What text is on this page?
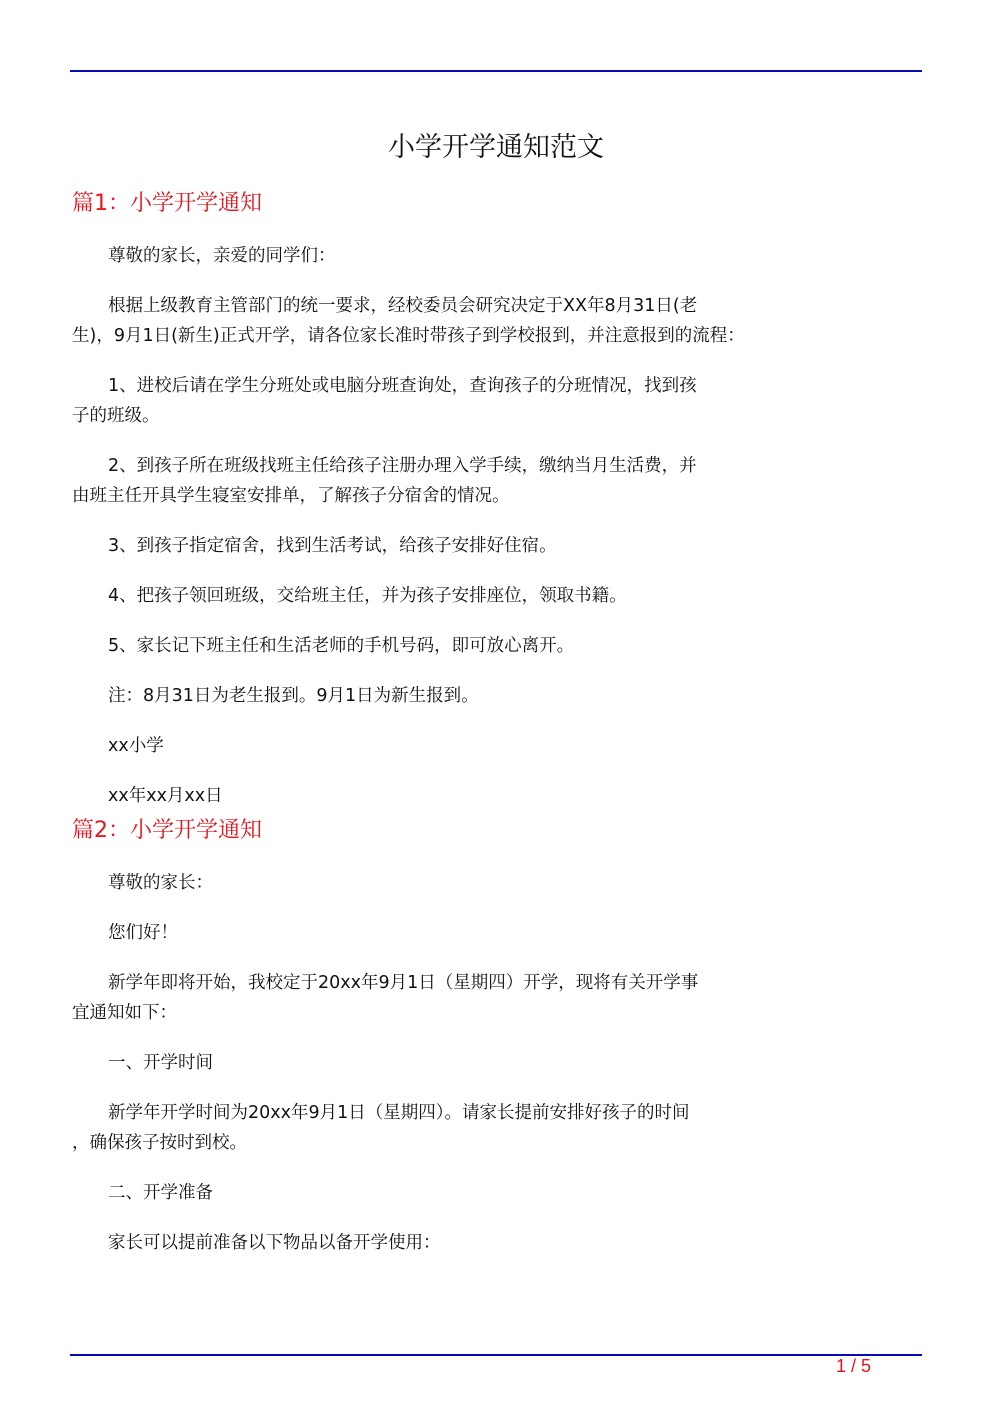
小学开学通知范文
篇1：小学开学通知
尊敬的家长，亲爱的同学们：
根据上级教育主管部门的统一要求，经校委员会研究决定于XX年8月31日(老
生)，9月1日(新生)正式开学，请各位家长准时带孩子到学校报到，并注意报到的流程：
1、进校后请在学生分班处或电脑分班查询处，查询孩子的分班情况，找到孩
子的班级。
2、到孩子所在班级找班主任给孩子注册办理入学手续，缴纳当月生活费，并
由班主任开具学生寝室安排单，了解孩子分宿舍的情况。
3、到孩子指定宿舍，找到生活考试，给孩子安排好住宿。
4、把孩子领回班级，交给班主任，并为孩子安排座位，领取书籍。
5、家长记下班主任和生活老师的手机号码，即可放心离开。
注：8月31日为老生报到。9月1日为新生报到。
xx小学
xx年xx月xx日
篇2：小学开学通知
尊敬的家长：
您们好！
新学年即将开始，我校定于20xx年9月1日（星期四）开学，现将有关开学事
宜通知如下：
一、开学时间
新学年开学时间为20xx年9月1日（星期四）。请家长提前安排好孩子的时间
，确保孩子按时到校。
二、开学准备
家长可以提前准备以下物品以备开学使用：
1 / 5
